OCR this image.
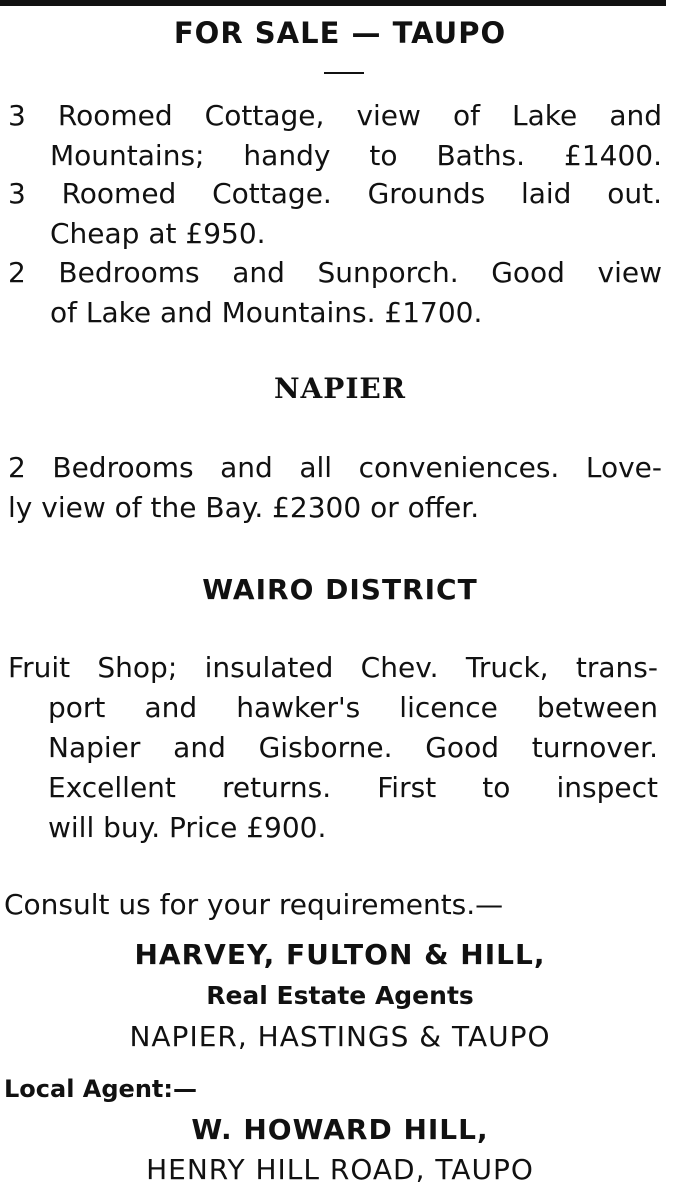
FOR SALE — TAUPO
3 Roomed Cottage, view of Lake and
Mountains; handy to Baths. £1400.
3 Roomed Cottage. Grounds laid out.
Cheap at £950.
2 Bedrooms and Sunporch. Good view
of Lake and Mountains. £1700.
NAPIER
2 Bedrooms and all conveniences. Love-
ly view of the Bay. £2300 or offer.
WAIRO DISTRICT
Fruit Shop; insulated Chev. Truck, trans-
port and hawker's licence between
Napier and Gisborne. Good turnover.
Excellent returns. First to inspect
will buy. Price £900.
Consult us for your requirements.—
HARVEY, FULTON & HILL,
Real Estate Agents
NAPIER, HASTINGS & TAUPO
Local Agent:—
W. HOWARD HILL,
HENRY HILL ROAD, TAUPO
